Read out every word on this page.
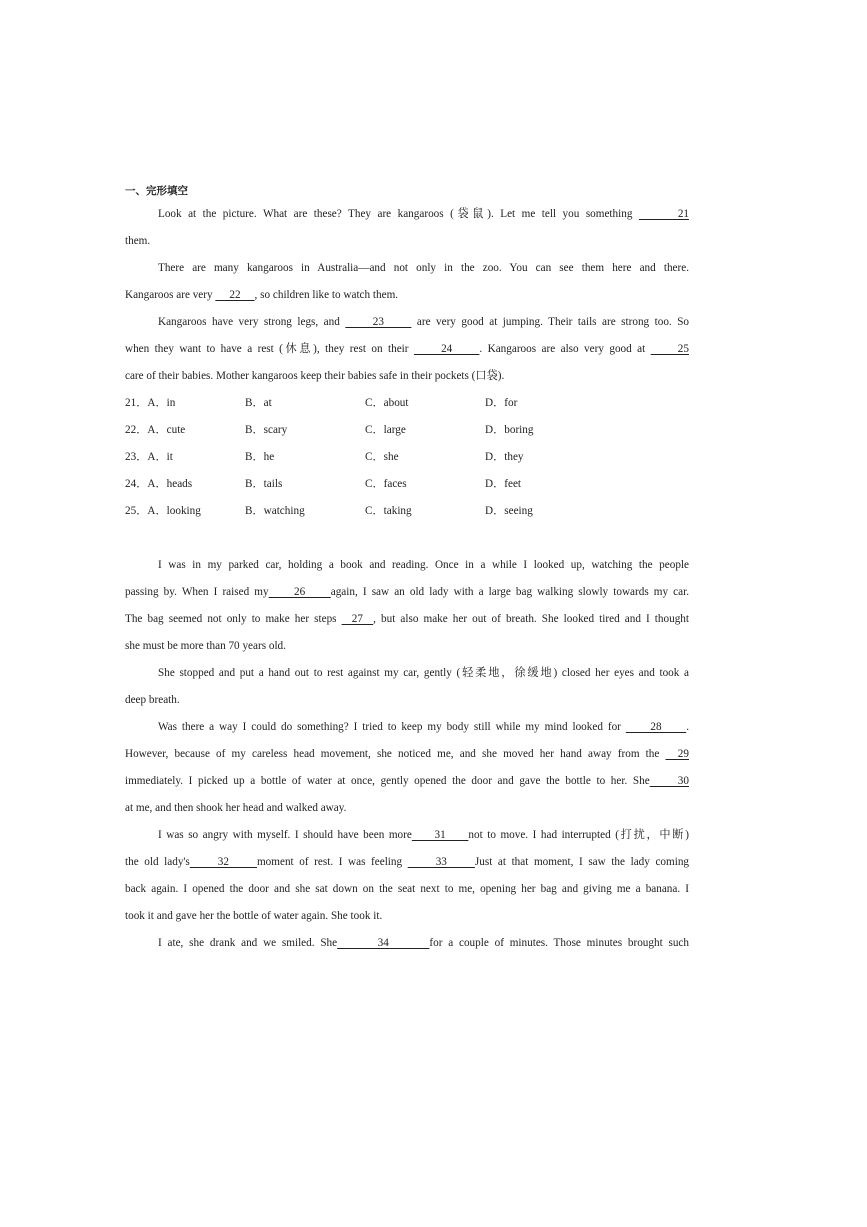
一、完形填空
Look at the picture. What are these? They are kangaroos (袋鼠). Let me tell you something       21
them.
There are many kangaroos in Australia—and not only in the zoo. You can see them here and there.
Kangaroos are very      22     , so children like to watch them.
Kangaroos have very strong legs, and      23      are very good at jumping. Their tails are strong too. So
when they want to have a rest (休息), they rest on their      24     . Kangaroos are also very good at      25
care of their babies. Mother kangaroos keep their babies safe in their pockets (口袋).
21．A．in	B．at	C．about	D．for
22．A．cute	B．scary	C．large	D．boring
23．A．it	B．he	C．she	D．they
24．A．heads	B．tails	C．faces	D．feet
25．A．looking	B．watching	C．taking	D．seeing
I was in my parked car, holding a book and reading. Once in a while I looked up, watching the people
passing by. When I raised my     26     again, I saw an old lady with a large bag walking slowly towards my car.
The bag seemed not only to make her steps   27  , but also make her out of breath. She looked tired and I thought
she must be more than 70 years old.
She stopped and put a hand out to rest against my car, gently (轻柔地，徐缓地) closed her eyes and took a
deep breath.
Was there a way I could do something? I tried to keep my body still while my mind looked for      28     .
However, because of my careless head movement, she noticed me, and she moved her hand away from the   29
immediately. I picked up a bottle of water at once, gently opened the door and gave the bottle to her. She     30
at me, and then shook her head and walked away.
I was so angry with myself. I should have been more     31     not to move. I had interrupted (打扰，中断)
the old lady's     32     moment of rest. I was feeling      33     Just at that moment, I saw the lady coming
back again. I opened the door and she sat down on the seat next to me, opening her bag and giving me a banana. I
took it and gave her the bottle of water again. She took it.
I ate, she drank and we smiled. She       34       for a couple of minutes. Those minutes brought such
